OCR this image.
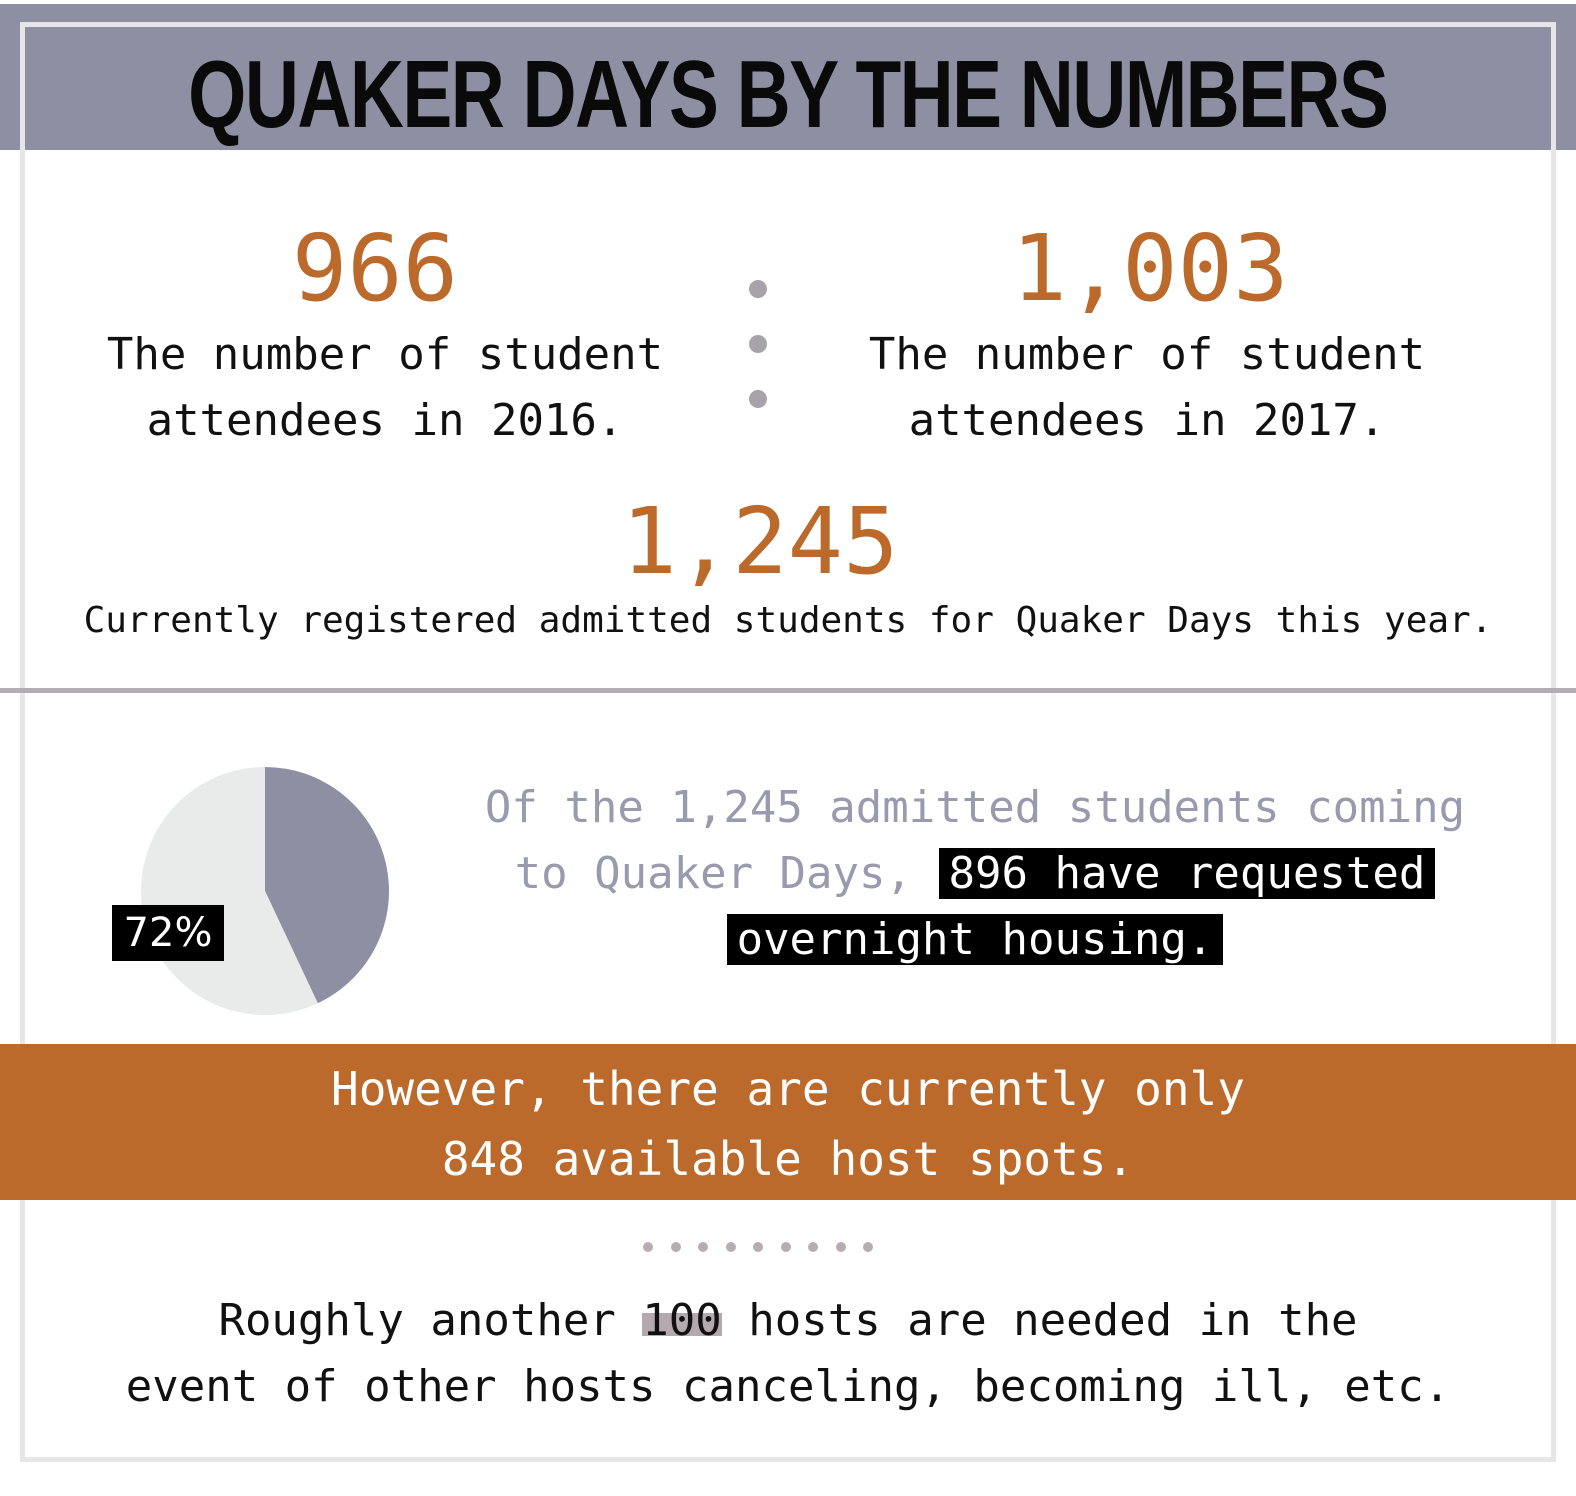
QUAKER DAYS BY THE NUMBERS
966
The number of student
attendees in 2016.
1,003
The number of student
attendees in 2017.
1,245
Currently registered admitted students for Quaker Days this year.
72%
Of the 1,245 admitted students coming
to Quaker Days, 896 have requested
overnight housing.
However, there are currently only
848 available host spots.
Roughly another 100 hosts are needed in the
event of other hosts canceling, becoming ill, etc.
